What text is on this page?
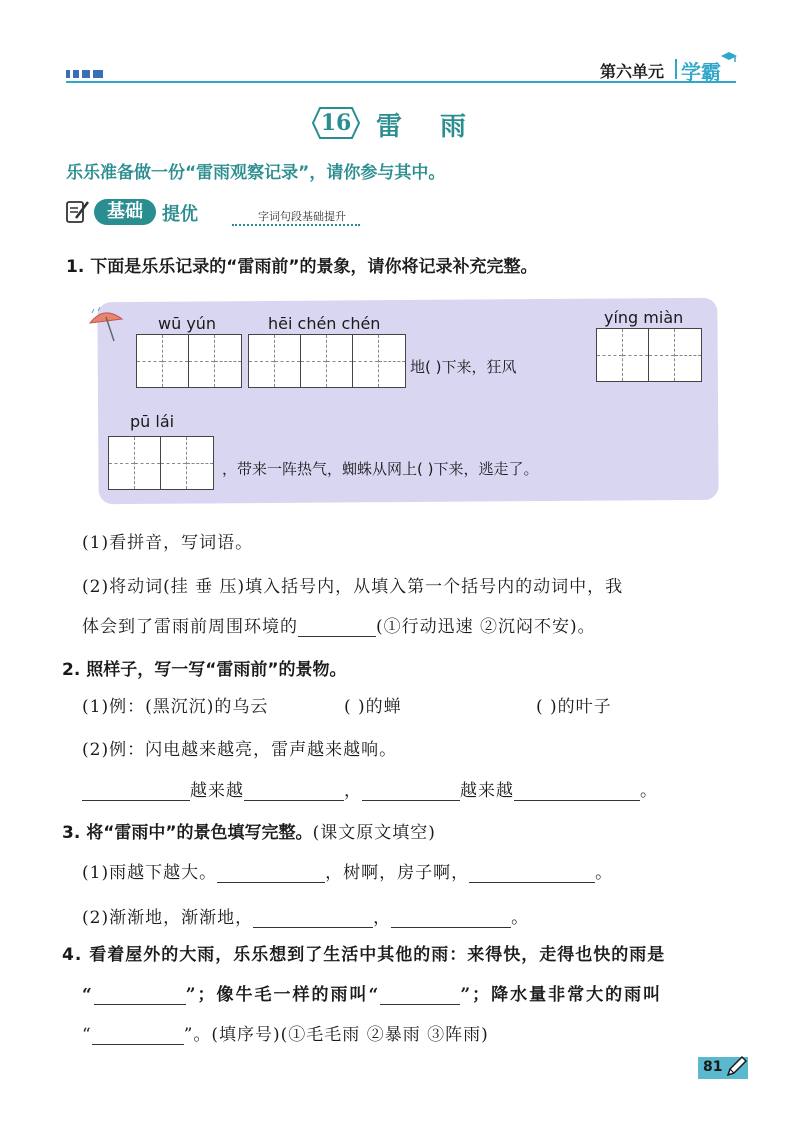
第六单元 学霸
16 雷雨
乐乐准备做一份“雷雨观察记录”，请你参与其中。
基础	提优	字词句段基础提升
1. 下面是乐乐记录的“雷雨前”的景象，请你将记录补充完整。
wū yún	hēi chén chén	yíng miàn
地( )下来，狂风
pū lái
，带来一阵热气，蜘蛛从网上( )下来，逃走了。
(1)看拼音，写词语。
(2)将动词(挂 垂 压)填入括号内，从填入第一个括号内的动词中，我
体会到了雷雨前周围环境的	(①行动迅速 ②沉闷不安)。
2. 照样子，写一写“雷雨前”的景物。
(1)例：(黑沉沉)的乌云	( )的蝉	( )的叶子
(2)例：闪电越来越亮，雷声越来越响。
越来越	，	越来越	。
3. 将“雷雨中”的景色填写完整。(课文原文填空)
(1)雨越下越大。	，树啊，房子啊，	。
(2)渐渐地，渐渐地，	，	。
4. 看着屋外的大雨，乐乐想到了生活中其他的雨：来得快，走得也快的雨是
“	”；像牛毛一样的雨叫“	”；降水量非常大的雨叫
“	”。(填序号)(①毛毛雨 ②暴雨 ③阵雨)
81
